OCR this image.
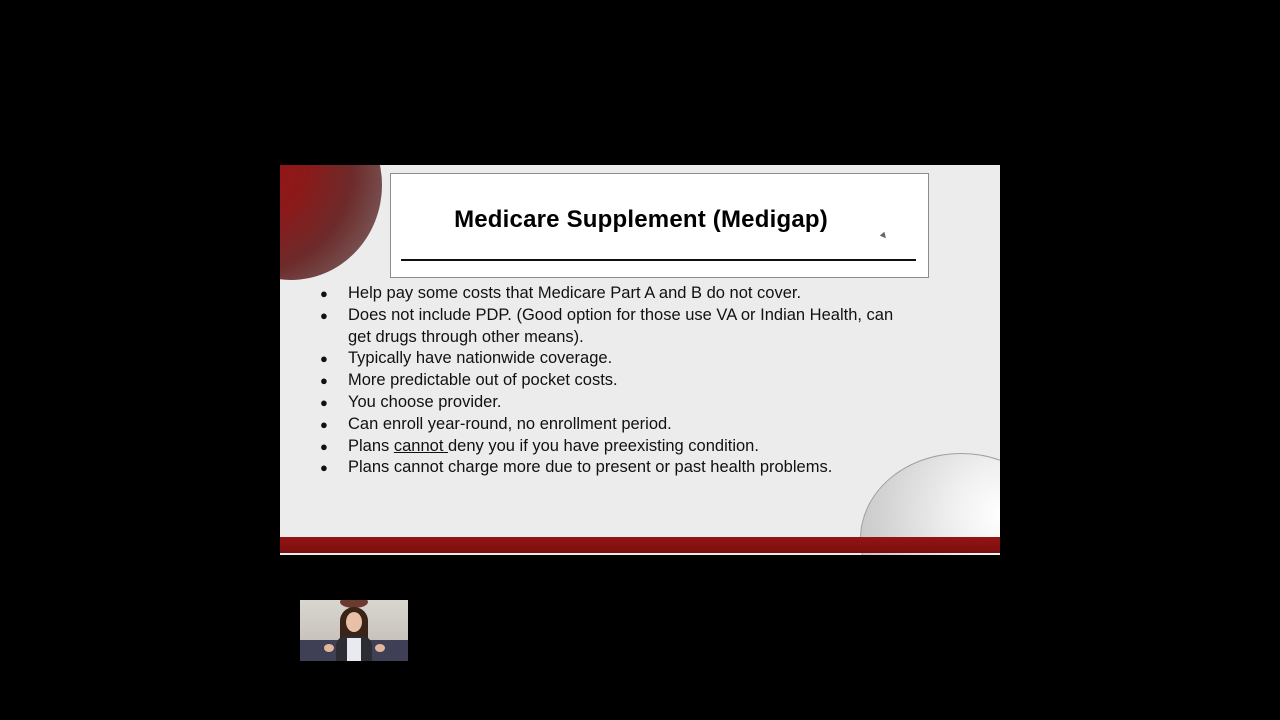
Medicare Supplement (Medigap)
● Help pay some costs that Medicare Part A and B do not cover.
● Does not include PDP. (Good option for those use VA or Indian Health, can
get drugs through other means).
● Typically have nationwide coverage.
● More predictable out of pocket costs.
● You choose provider.
● Can enroll year-round, no enrollment period.
● Plans cannot deny you if you have preexisting condition.
● Plans cannot charge more due to present or past health problems.
